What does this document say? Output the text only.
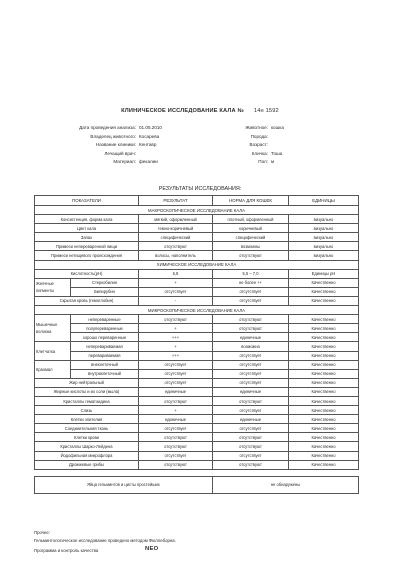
КЛИНИЧЕСКОЕ ИССЛЕДОВАНИЕ КАЛА № 14н 1592
Дата проведения анализа: 01.05.2010
Владелец животного: Косарева
Название клиники: Кентавр
Лечащий врач:
Материал: фекалии
Животное: кошка
Порода:
Возраст:
Кличка: Тоша
Пол: м
РЕЗУЛЬТАТЫ ИССЛЕДОВАНИЯ:
ПОКАЗАТЕЛИ		РЕЗУЛЬТАТ	НОРМА ДЛЯ КОШЕК	ЕДИНИЦЫ
МАКРОСКОПИЧЕСКОЕ ИССЛЕДОВАНИЕ КАЛА				
Консистенция, форма кала		мягкий, оформленный	плотный, оформленный	визуально
Цвет кала		темно-коричневый	коричневый	визуально
Запах		специфический	специфический	визуально
Примеси непереваренной пищи		отсутствуют	возможны	визуально
Примеси нетищевого происхождения		волосы, наполнитель	отсутствуют	визуально
ХИМИЧЕСКОЕ ИССЛЕДОВАНИЕ КАЛА				
Кислотность(pH)		6,8	5,5 – 7,0	Единицы pH
Желчные пигменты	Стеркобилин	+	не более ++	Качественно
	Билирубин	отсутствует	отсутствует	Качественно
Скрытая кровь (гемоглобин)		-	отсутствует	Качественно
МИКРОСКОПИЧЕСКОЕ ИССЛЕДОВАНИЕ КАЛА				
Мышечные волокна	непереваренные	отсутствуют	отсутствуют	Качественно
	полупереваренные	+	отсутствуют	Качественно
	хорошо переваренные	+++	единичные	Качественно
Клетчатка	неперевариваемая	+	возможна	Качественно
	перевариваемая	+++	отсутствует	Качественно
Крахмал	внеклеточный	отсутствует	отсутствует	Качественно
	внутриклеточный	отсутствует	отсутствует	Качественно
Жир нейтральный		отсутствует	отсутствует	Качественно
Жирные кислоты и их соли (мыла)		единичные	единичные	Качественно
Кристаллы гематоидина		отсутствуют	отсутствуют	Качественно
Слизь		+	отсутствует	Качественно
Клетки эпителия		единичные	единичные	Качественно
Соединительная ткань		отсутствует	отсутствует	Качественно
Клетки крови		отсутствуют	отсутствуют	Качественно
Кристаллы Шарко-Лейдена		отсутствуют	отсутствуют	Качественно
Йодофильная микрофлора		отсутствует	отсутствует	Качественно
Дрожжевые грибы		отсутствуют	отсутствуют	Качественно

Яйца гельминтов и цисты простейших			не обнаружены	
Прочее:
Гельминтологическое исследование проведено методом Фюллеборна.
Программа и контроль качества	NEO
